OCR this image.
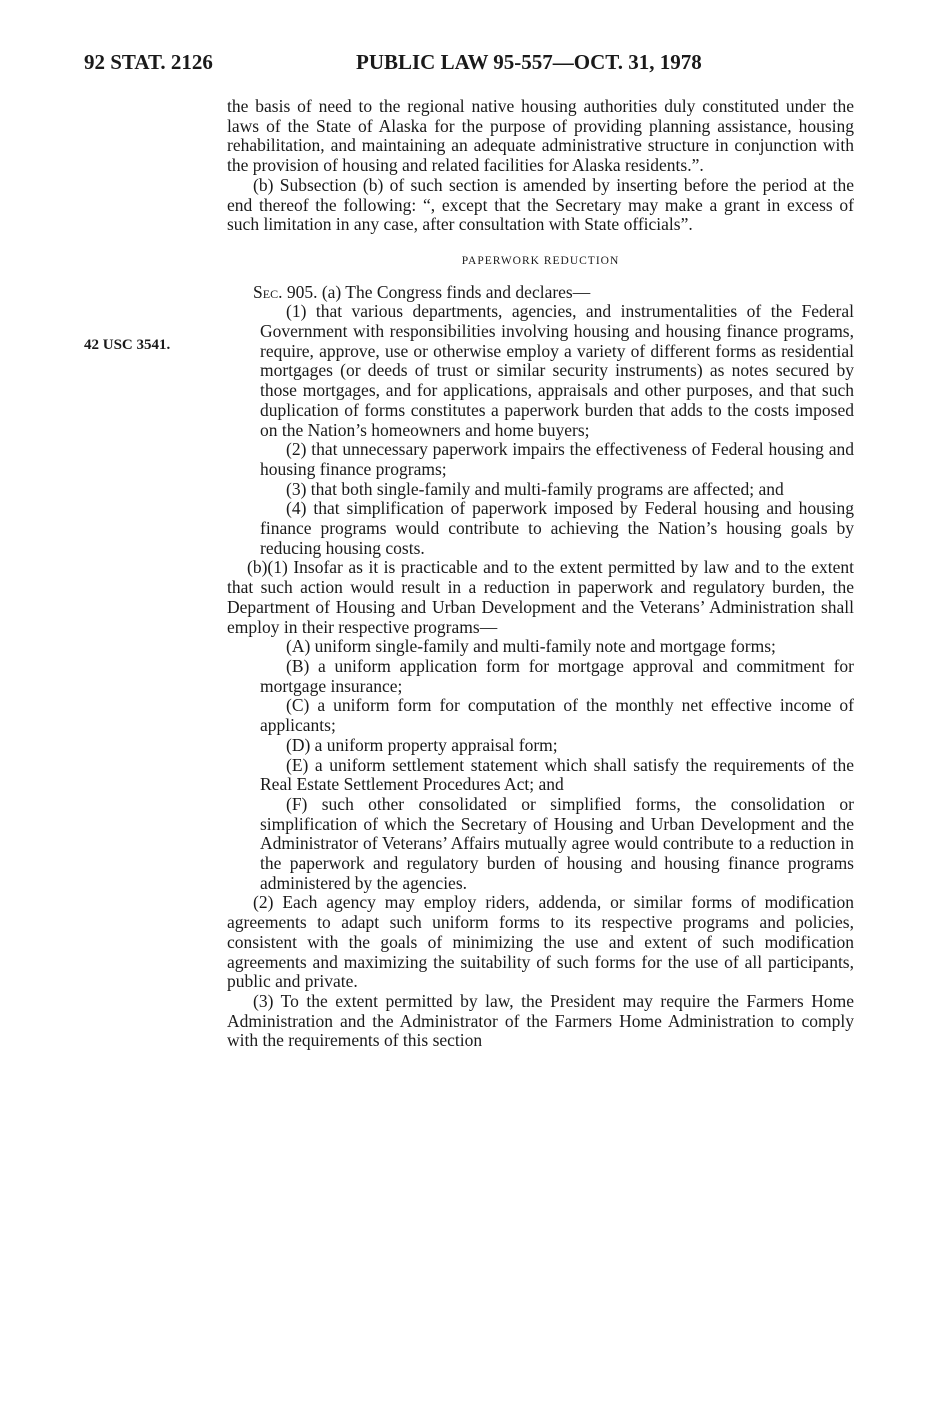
92 STAT. 2126	PUBLIC LAW 95-557—OCT. 31, 1978
42 USC 3541.

the basis of need to the regional native housing authorities duly constituted under the laws of the State of Alaska for the purpose of providing planning assistance, housing rehabilitation, and maintaining an adequate administrative structure in conjunction with the provision of housing and related facilities for Alaska residents.”.

(b) Subsection (b) of such section is amended by inserting before the period at the end thereof the following: “, except that the Secretary may make a grant in excess of such limitation in any case, after consultation with State officials”.

PAPERWORK REDUCTION

Sec. 905. (a) The Congress finds and declares—

(1) that various departments, agencies, and instrumentalities of the Federal Government with responsibilities involving housing and housing finance programs, require, approve, use or otherwise employ a variety of different forms as residential mortgages (or deeds of trust or similar security instruments) as notes secured by those mortgages, and for applications, appraisals and other purposes, and that such duplication of forms constitutes a paperwork burden that adds to the costs imposed on the Nation’s homeowners and home buyers;

(2) that unnecessary paperwork impairs the effectiveness of Federal housing and housing finance programs;

(3) that both single-family and multi-family programs are affected; and

(4) that simplification of paperwork imposed by Federal housing and housing finance programs would contribute to achieving the Nation’s housing goals by reducing housing costs.

(b)(1) Insofar as it is practicable and to the extent permitted by law and to the extent that such action would result in a reduction in paperwork and regulatory burden, the Department of Housing and Urban Development and the Veterans’ Administration shall employ in their respective programs—

(A) uniform single-family and multi-family note and mortgage forms;

(B) a uniform application form for mortgage approval and commitment for mortgage insurance;

(C) a uniform form for computation of the monthly net effective income of applicants;

(D) a uniform property appraisal form;

(E) a uniform settlement statement which shall satisfy the requirements of the Real Estate Settlement Procedures Act; and

(F) such other consolidated or simplified forms, the consolidation or simplification of which the Secretary of Housing and Urban Development and the Administrator of Veterans’ Affairs mutually agree would contribute to a reduction in the paperwork and regulatory burden of housing and housing finance programs administered by the agencies.

(2) Each agency may employ riders, addenda, or similar forms of modification agreements to adapt such uniform forms to its respective programs and policies, consistent with the goals of minimizing the use and extent of such modification agreements and maximizing the suitability of such forms for the use of all participants, public and private.

(3) To the extent permitted by law, the President may require the Farmers Home Administration and the Administrator of the Farmers Home Administration to comply with the requirements of this section
